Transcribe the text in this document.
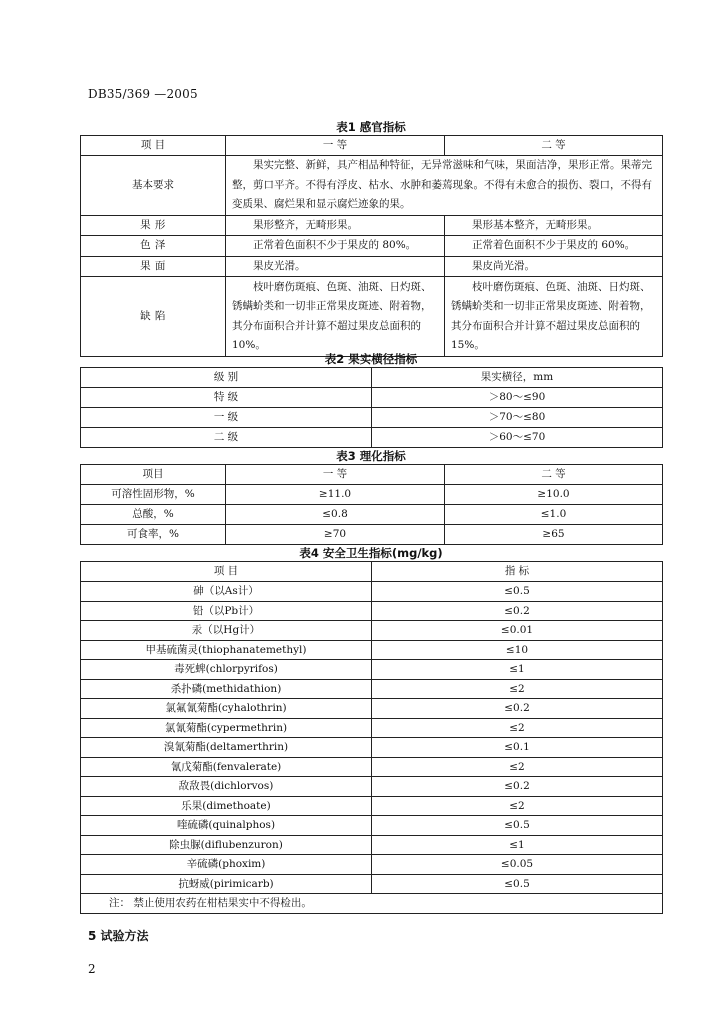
DB35/369 —2005
表1 感官指标
项 目	一 等	二 等
基本要求	果实完整、新鲜，具产相品种特征，无异常滋味和气味，果面洁净，果形正常。果蒂完整，剪口平齐。不得有浮皮、枯水、水肿和萎蔫现象。不得有未愈合的损伤、裂口，不得有变质果、腐烂果和显示腐烂迹象的果。	
果 形	果形整齐，无畸形果。	果形基本整齐，无畸形果。
色 泽	正常着色面积不少于果皮的 80%。	正常着色面积不少于果皮的 60%。
果 面	果皮光滑。	果皮尚光滑。
缺 陷	枝叶磨伤斑痕、色斑、油斑、日灼斑、锈螨蚧类和一切非正常果皮斑迹、附着物，其分布面积合并计算不超过果皮总面积的10%。	枝叶磨伤斑痕、色斑、油斑、日灼斑、锈螨蚧类和一切非正常果皮斑迹、附着物，其分布面积合并计算不超过果皮总面积的15%。
表2 果实横径指标
级 别	果实横径，mm
特 级	＞80～≤90
一 级	＞70～≤80
二 级	＞60～≤70
表3 理化指标
项目	一 等	二 等
可溶性固形物，%	≥11.0	≥10.0
总酸，%	≤0.8	≤1.0
可食率，%	≥70	≥65
表4 安全卫生指标(mg/kg)
项 目	指 标
砷（以As计）	≤0.5
铅（以Pb计）	≤0.2
汞（以Hg计）	≤0.01
甲基硫菌灵(thiophanatemethyl)	≤10
毒死蜱(chlorpyrifos)	≤1
杀扑磷(methidathion)	≤2
氯氟氰菊酯(cyhalothrin)	≤0.2
氯氰菊酯(cypermethrin)	≤2
溴氰菊酯(deltamerthrin)	≤0.1
氰戊菊酯(fenvalerate)	≤2
敌敌畏(dichlorvos)	≤0.2
乐果(dimethoate)	≤2
喹硫磷(quinalphos)	≤0.5
除虫脲(diflubenzuron)	≤1
辛硫磷(phoxim)	≤0.05
抗蚜威(pirimicarb)	≤0.5
注： 禁止使用农药在柑桔果实中不得检出。	
5 试验方法
2
